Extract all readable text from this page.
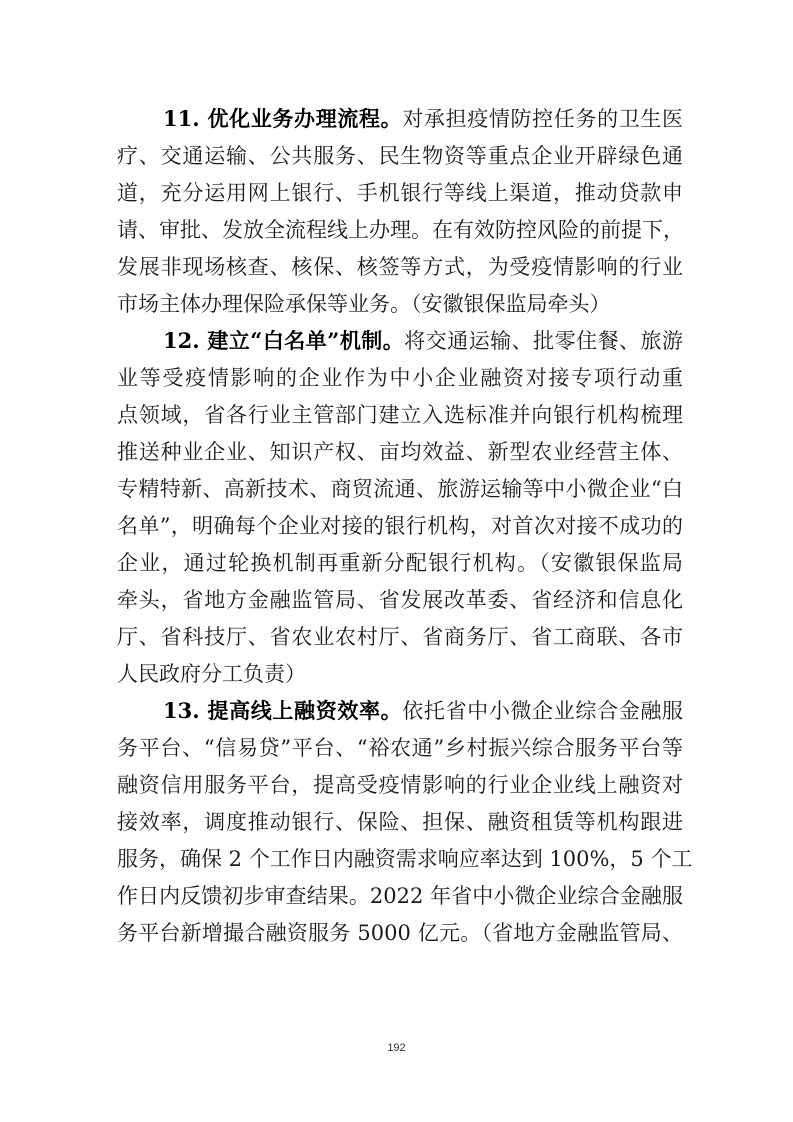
11. 优化业务办理流程。对承担疫情防控任务的卫生医
疗、交通运输、公共服务、民生物资等重点企业开辟绿色通
道，充分运用网上银行、手机银行等线上渠道，推动贷款申
请、审批、发放全流程线上办理。在有效防控风险的前提下，
发展非现场核查、核保、核签等方式，为受疫情影响的行业
市场主体办理保险承保等业务。（安徽银保监局牵头）
12. 建立“白名单”机制。将交通运输、批零住餐、旅游
业等受疫情影响的企业作为中小企业融资对接专项行动重
点领域，省各行业主管部门建立入选标准并向银行机构梳理
推送种业企业、知识产权、亩均效益、新型农业经营主体、
专精特新、高新技术、商贸流通、旅游运输等中小微企业“白
名单”，明确每个企业对接的银行机构，对首次对接不成功的
企业，通过轮换机制再重新分配银行机构。（安徽银保监局
牵头，省地方金融监管局、省发展改革委、省经济和信息化
厅、省科技厅、省农业农村厅、省商务厅、省工商联、各市
人民政府分工负责）
13. 提高线上融资效率。依托省中小微企业综合金融服
务平台、“信易贷”平台、“裕农通”乡村振兴综合服务平台等
融资信用服务平台，提高受疫情影响的行业企业线上融资对
接效率，调度推动银行、保险、担保、融资租赁等机构跟进
服务，确保 2 个工作日内融资需求响应率达到 100%，5 个工
作日内反馈初步审查结果。2022 年省中小微企业综合金融服
务平台新增撮合融资服务 5000 亿元。（省地方金融监管局、
192
